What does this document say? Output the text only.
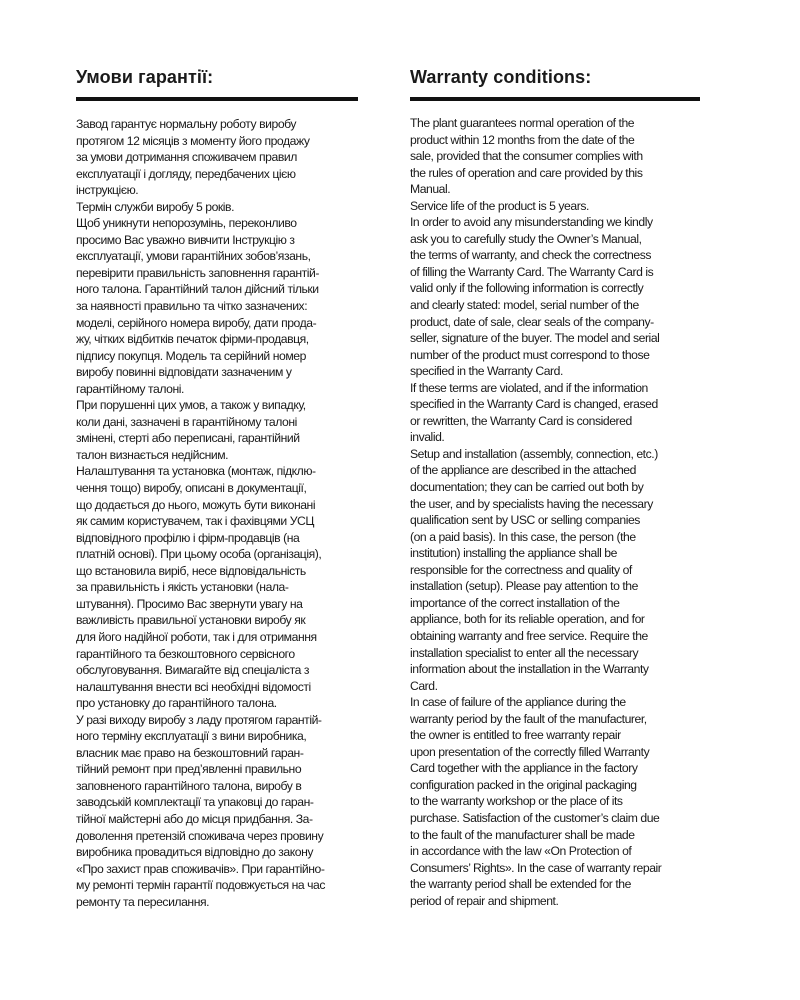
Умови гарантії:

Завод гарантує нормальну роботу виробу
протягом 12 місяців з моменту його продажу
за умови дотримання споживачем правил
експлуатації і догляду, передбачених цією
інструкцією.
Термін служби виробу 5 років.
Щоб уникнути непорозумінь, переконливо
просимо Вас уважно вивчити Інструкцію з
експлуатації, умови гарантійних зобов’язань,
перевірити правильність заповнення гарантій-
ного талона. Гарантійний талон дійсний тільки
за наявності правильно та чітко зазначених:
моделі, серійного номера виробу, дати прода-
жу, чітких відбитків печаток фірми-продавця,
підпису покупця. Модель та серійний номер
виробу повинні відповідати зазначеним у
гарантійному талоні.
При порушенні цих умов, а також у випадку,
коли дані, зазначені в гарантійному талоні
змінені, стерті або переписані, гарантійний
талон визнається недійсним.
Налаштування та установка (монтаж, підклю-
чення тощо) виробу, описані в документації,
що додається до нього, можуть бути виконані
як самим користувачем, так і фахівцями УСЦ
відповідного профілю і фірм-продавців (на
платній основі). При цьому особа (організація),
що встановила виріб, несе відповідальність
за правильність і якість установки (нала-
штування). Просимо Вас звернути увагу на
важливість правильної установки виробу як
для його надійної роботи, так і для отримання
гарантійного та безкоштовного сервісного
обслуговування. Вимагайте від спеціаліста з
налаштування внести всі необхідні відомості
про установку до гарантійного талона.
У разі виходу виробу з ладу протягом гарантій-
ного терміну експлуатації з вини виробника,
власник має право на безкоштовний гаран-
тійний ремонт при пред’явленні правильно
заповненого гарантійного талона, виробу в
заводській комплектації та упаковці до гаран-
тійної майстерні або до місця придбання. За-
доволення претензій споживача через провину
виробника провадиться відповідно до закону
«Про захист прав споживачів». При гарантійно-
му ремонті термін гарантії подовжується на час
ремонту та пересилання.

Warranty conditions:

The plant guarantees normal operation of the
product within 12 months from the date of the
sale, provided that the consumer complies with
the rules of operation and care provided by this
Manual.
Service life of the product is 5 years.
In order to avoid any misunderstanding we kindly
ask you to carefully study the Owner’s Manual,
the terms of warranty, and check the correctness
of filling the Warranty Card. The Warranty Card is
valid only if the following information is correctly
and clearly stated: model, serial number of the
product, date of sale, clear seals of the company-
seller, signature of the buyer. The model and serial
number of the product must correspond to those
specified in the Warranty Card.
If these terms are violated, and if the information
specified in the Warranty Card is changed, erased
or rewritten, the Warranty Card is considered
invalid.
Setup and installation (assembly, connection, etc.)
of the appliance are described in the attached
documentation; they can be carried out both by
the user, and by specialists having the necessary
qualification sent by USC or selling companies
(on a paid basis). In this case, the person (the
institution) installing the appliance shall be
responsible for the correctness and quality of
installation (setup). Please pay attention to the
importance of the correct installation of the
appliance, both for its reliable operation, and for
obtaining warranty and free service. Require the
installation specialist to enter all the necessary
information about the installation in the Warranty
Card.
In case of failure of the appliance during the
warranty period by the fault of the manufacturer,
the owner is entitled to free warranty repair
upon presentation of the correctly filled Warranty
Card together with the appliance in the factory
configuration packed in the original packaging
to the warranty workshop or the place of its
purchase. Satisfaction of the customer’s claim due
to the fault of the manufacturer shall be made
in accordance with the law «On Protection of
Consumers’ Rights». In the case of warranty repair
the warranty period shall be extended for the
period of repair and shipment.
